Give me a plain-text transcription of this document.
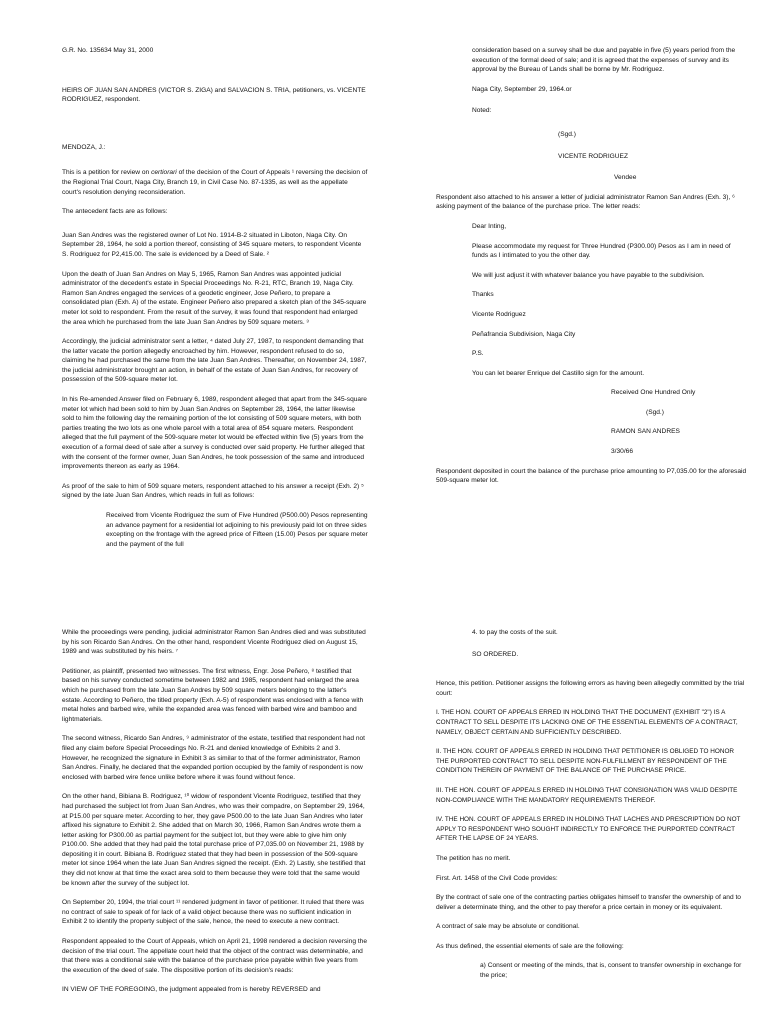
G.R. No. 135634 May 31, 2000

HEIRS OF JUAN SAN ANDRES (VICTOR S. ZIGA) and SALVACION S. TRIA, petitioners, vs. VICENTE RODRIGUEZ, respondent.

MENDOZA, J.:

This is a petition for review on certiorari of the decision of the Court of Appeals ¹ reversing the decision of the Regional Trial Court, Naga City, Branch 19, in Civil Case No. 87-1335, as well as the appellate court's resolution denying reconsideration.

The antecedent facts are as follows:

Juan San Andres was the registered owner of Lot No. 1914-B-2 situated in Liboton, Naga City. On September 28, 1964, he sold a portion thereof, consisting of 345 square meters, to respondent Vicente S. Rodriguez for P2,415.00. The sale is evidenced by a Deed of Sale. ²

Upon the death of Juan San Andres on May 5, 1965, Ramon San Andres was appointed judicial administrator of the decedent's estate in Special Proceedings No. R-21, RTC, Branch 19, Naga City. Ramon San Andres engaged the services of a geodetic engineer, Jose Peñero, to prepare a consolidated plan (Exh. A) of the estate. Engineer Peñero also prepared a sketch plan of the 345-square meter lot sold to respondent. From the result of the survey, it was found that respondent had enlarged the area which he purchased from the late Juan San Andres by 509 square meters. ³

Accordingly, the judicial administrator sent a letter, ⁴ dated July 27, 1987, to respondent demanding that the latter vacate the portion allegedly encroached by him. However, respondent refused to do so, claiming he had purchased the same from the late Juan San Andres. Thereafter, on November 24, 1987, the judicial administrator brought an action, in behalf of the estate of Juan San Andres, for recovery of possession of the 509-square meter lot.

In his Re-amended Answer filed on February 6, 1989, respondent alleged that apart from the 345-square meter lot which had been sold to him by Juan San Andres on September 28, 1964, the latter likewise sold to him the following day the remaining portion of the lot consisting of 509 square meters, with both parties treating the two lots as one whole parcel with a total area of 854 square meters. Respondent alleged that the full payment of the 509-square meter lot would be effected within five (5) years from the execution of a formal deed of sale after a survey is conducted over said property. He further alleged that with the consent of the former owner, Juan San Andres, he took possession of the same and introduced improvements thereon as early as 1964.

As proof of the sale to him of 509 square meters, respondent attached to his answer a receipt (Exh. 2) ⁵ signed by the late Juan San Andres, which reads in full as follows:

Received from Vicente Rodriguez the sum of Five Hundred (P500.00) Pesos representing an advance payment for a residential lot adjoining to his previously paid lot on three sides excepting on the frontage with the agreed price of Fifteen (15.00) Pesos per square meter and the payment of the full

consideration based on a survey shall be due and payable in five (5) years period from the execution of the formal deed of sale; and it is agreed that the expenses of survey and its approval by the Bureau of Lands shall be borne by Mr. Rodriguez.

Naga City, September 29, 1964.or

Noted:

(Sgd.)

VICENTE RODRIGUEZ

Vendee

Respondent also attached to his answer a letter of judicial administrator Ramon San Andres (Exh. 3), ⁶ asking payment of the balance of the purchase price. The letter reads:

Dear Inting,

Please accommodate my request for Three Hundred (P300.00) Pesos as I am in need of funds as I intimated to you the other day.

We will just adjust it with whatever balance you have payable to the subdivision.

Thanks

Vicente Rodriguez

Peñafrancia Subdivision, Naga City

P.S.

You can let bearer Enrique del Castillo sign for the amount.

Received One Hundred Only

(Sgd.)

RAMON SAN ANDRES

3/30/66

Respondent deposited in court the balance of the purchase price amounting to P7,035.00 for the aforesaid 509-square meter lot.

While the proceedings were pending, judicial administrator Ramon San Andres died and was substituted by his son Ricardo San Andres. On the other hand, respondent Vicente Rodriguez died on August 15, 1989 and was substituted by his heirs. ⁷

Petitioner, as plaintiff, presented two witnesses. The first witness, Engr. Jose Peñero, ⁸ testified that based on his survey conducted sometime between 1982 and 1985, respondent had enlarged the area which he purchased from the late Juan San Andres by 509 square meters belonging to the latter's estate. According to Peñero, the titled property (Exh. A-5) of respondent was enclosed with a fence with metal holes and barbed wire, while the expanded area was fenced with barbed wire and bamboo and lightmaterials.

The second witness, Ricardo San Andres, ⁹ administrator of the estate, testified that respondent had not filed any claim before Special Proceedings No. R-21 and denied knowledge of Exhibits 2 and 3. However, he recognized the signature in Exhibit 3 as similar to that of the former administrator, Ramon San Andres. Finally, he declared that the expanded portion occupied by the family of respondent is now enclosed with barbed wire fence unlike before where it was found without fence.

On the other hand, Bibiana B. Rodriguez, ¹⁰ widow of respondent Vicente Rodriguez, testified that they had purchased the subject lot from Juan San Andres, who was their compadre, on September 29, 1964, at P15.00 per square meter. According to her, they gave P500.00 to the late Juan San Andres who later affixed his signature to Exhibit 2. She added that on March 30, 1966, Ramon San Andres wrote them a letter asking for P300.00 as partial payment for the subject lot, but they were able to give him only P100.00. She added that they had paid the total purchase price of P7,035.00 on November 21, 1988 by depositing it in court. Bibiana B. Rodriguez stated that they had been in possession of the 509-square meter lot since 1964 when the late Juan San Andres signed the receipt. (Exh. 2) Lastly, she testified that they did not know at that time the exact area sold to them because they were told that the same would be known after the survey of the subject lot.

On September 20, 1994, the trial court ¹¹ rendered judgment in favor of petitioner. It ruled that there was no contract of sale to speak of for lack of a valid object because there was no sufficient indication in Exhibit 2 to identify the property subject of the sale, hence, the need to execute a new contract.

Respondent appealed to the Court of Appeals, which on April 21, 1998 rendered a decision reversing the decision of the trial court. The appellate court held that the object of the contract was determinable, and that there was a conditional sale with the balance of the purchase price payable within five years from the execution of the deed of sale. The dispositive portion of its decision's reads:

IN VIEW OF THE FOREGOING, the judgment appealed from is hereby REVERSED and

4. to pay the costs of the suit.

SO ORDERED.

Hence, this petition. Petitioner assigns the following errors as having been allegedly committed by the trial court:

I. THE HON. COURT OF APPEALS ERRED IN HOLDING THAT THE DOCUMENT (EXHIBIT "2") IS A CONTRACT TO SELL DESPITE ITS LACKING ONE OF THE ESSENTIAL ELEMENTS OF A CONTRACT, NAMELY, OBJECT CERTAIN AND SUFFICIENTLY DESCRIBED.

II. THE HON. COURT OF APPEALS ERRED IN HOLDING THAT PETITIONER IS OBLIGED TO HONOR THE PURPORTED CONTRACT TO SELL DESPITE NON-FULFILLMENT BY RESPONDENT OF THE CONDITION THEREIN OF PAYMENT OF THE BALANCE OF THE PURCHASE PRICE.

III. THE HON. COURT OF APPEALS ERRED IN HOLDING THAT CONSIGNATION WAS VALID DESPITE NON-COMPLIANCE WITH THE MANDATORY REQUIREMENTS THEREOF.

IV. THE HON. COURT OF APPEALS ERRED IN HOLDING THAT LACHES AND PRESCRIPTION DO NOT APPLY TO RESPONDENT WHO SOUGHT INDIRECTLY TO ENFORCE THE PURPORTED CONTRACT AFTER THE LAPSE OF 24 YEARS.

The petition has no merit.

First. Art. 1458 of the Civil Code provides:

By the contract of sale one of the contracting parties obligates himself to transfer the ownership of and to deliver a determinate thing, and the other to pay therefor a price certain in money or its equivalent.

A contract of sale may be absolute or conditional.

As thus defined, the essential elements of sale are the following:

a) Consent or meeting of the minds, that is, consent to transfer ownership in exchange for the price;
